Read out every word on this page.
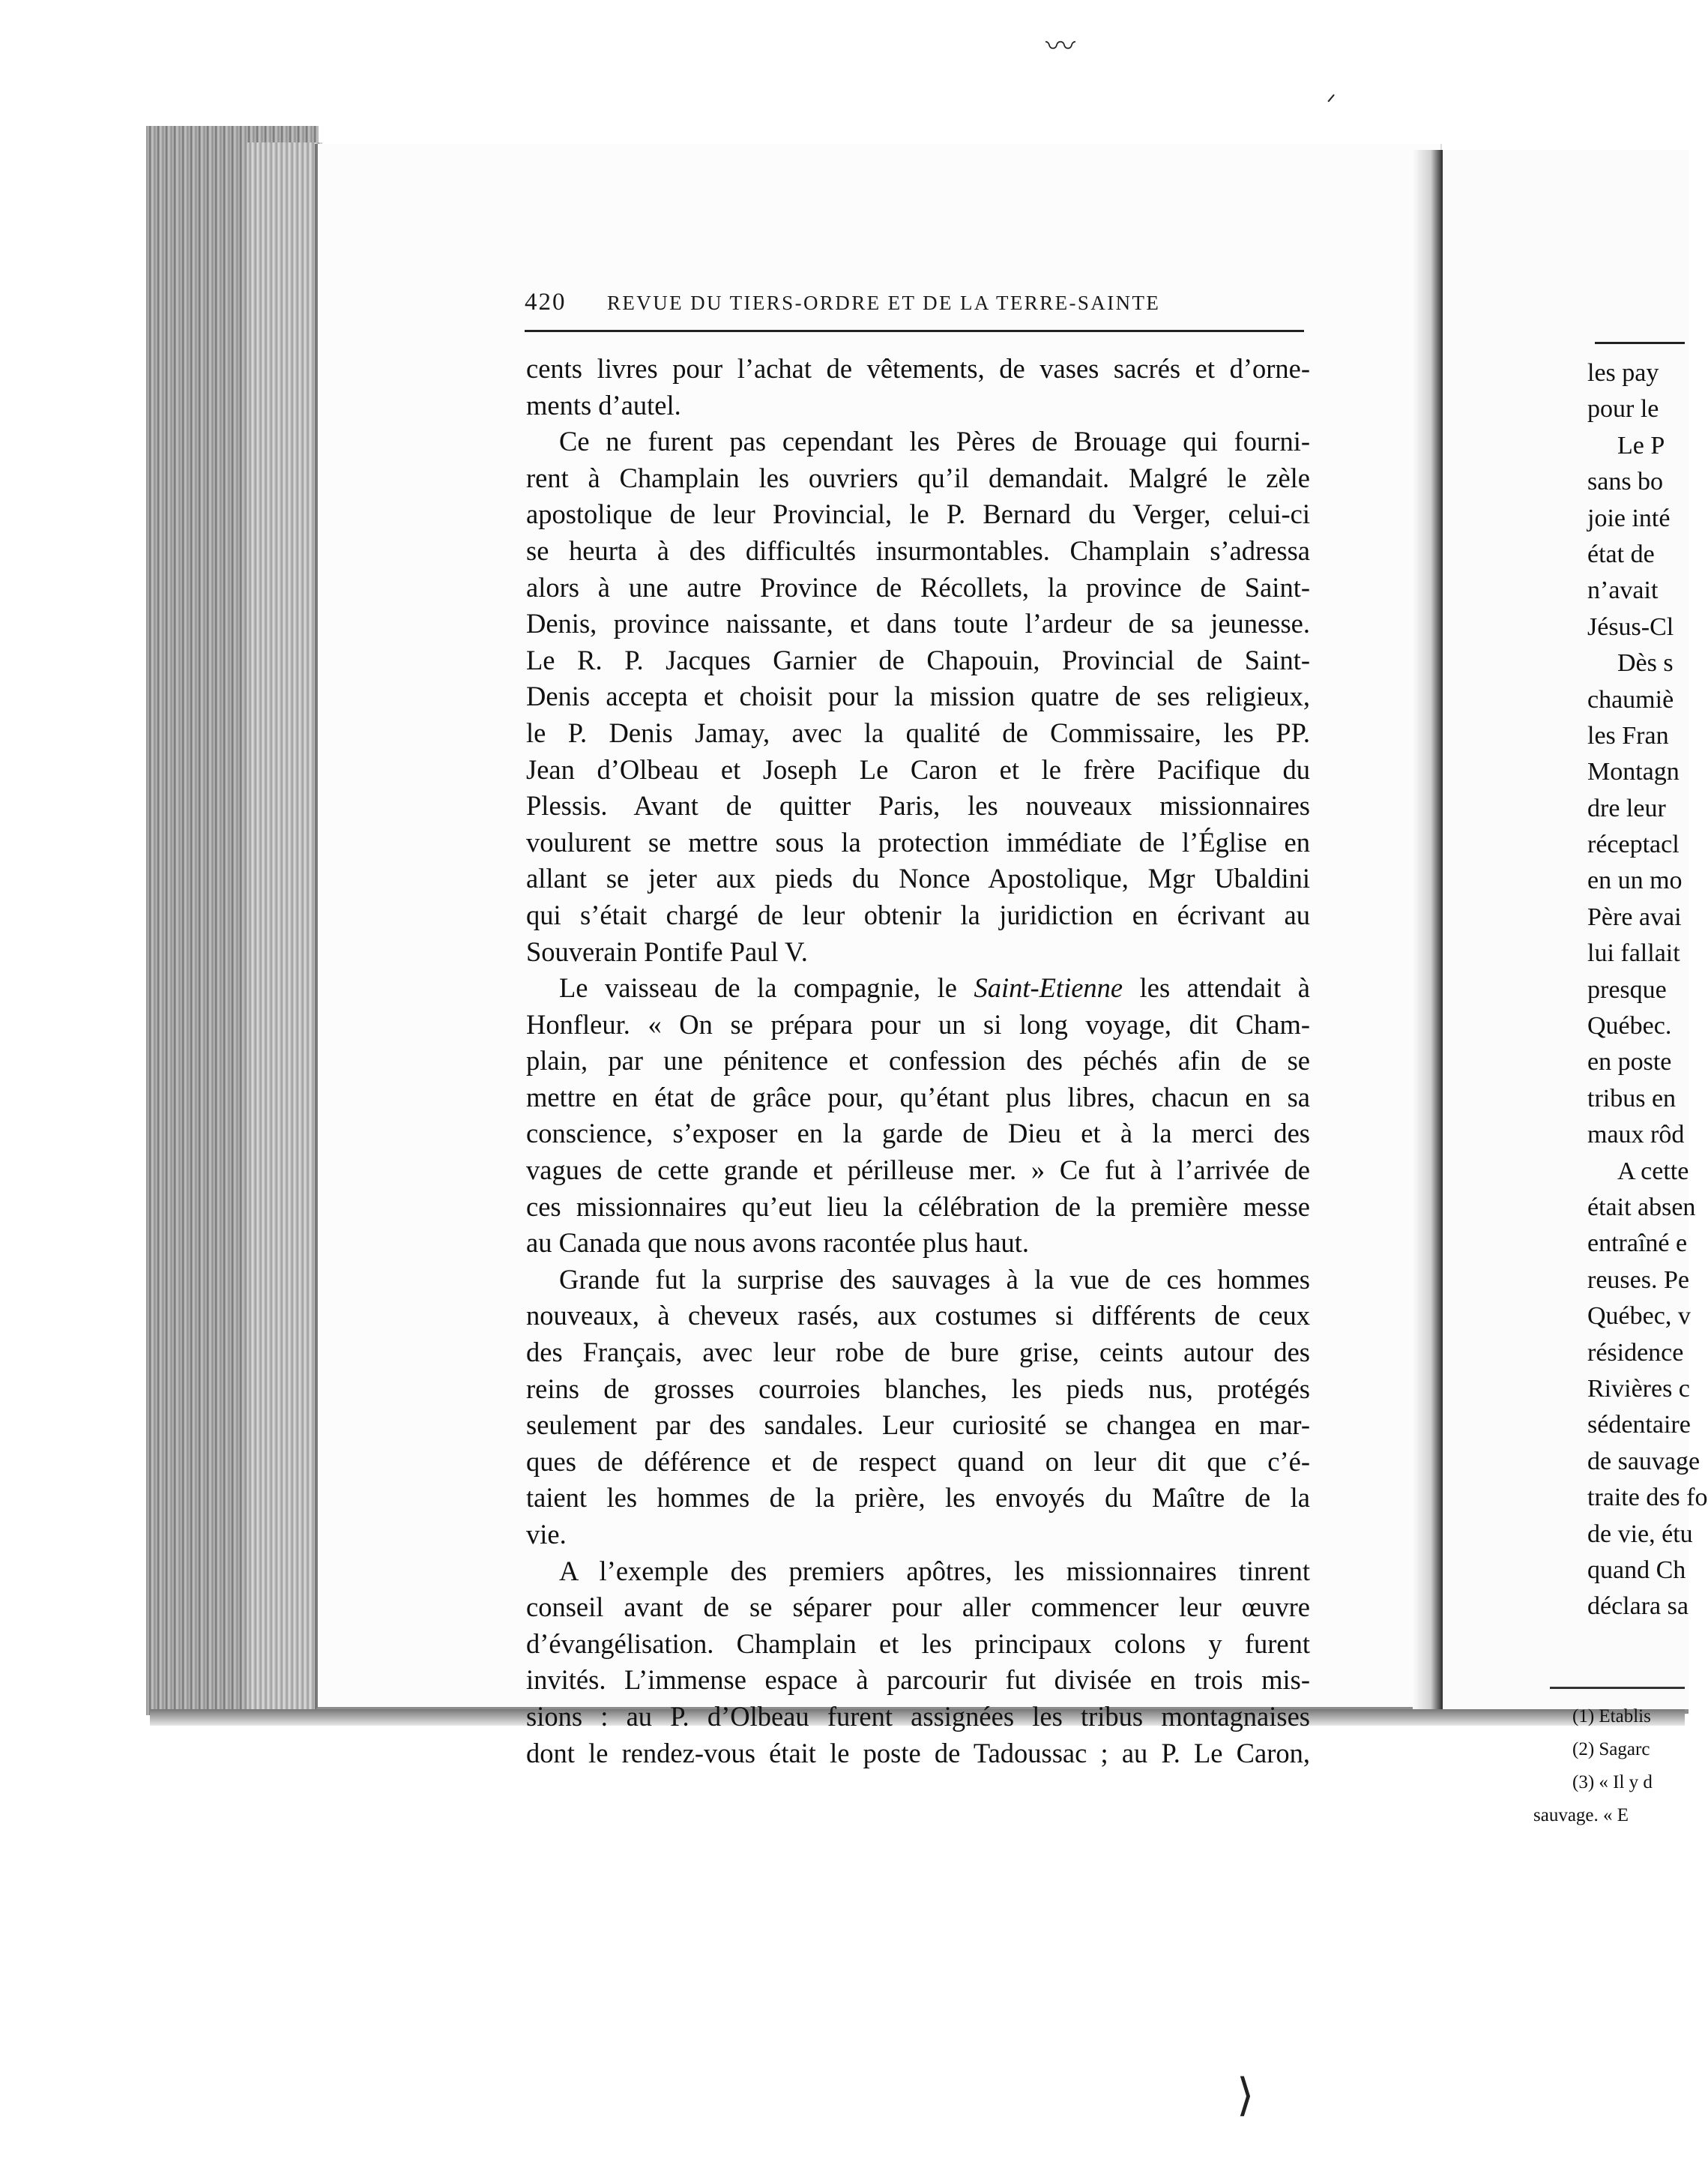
〰
ᐟ
⟩
420 REVUE DU TIERS-ORDRE ET DE LA TERRE-SAINTE
cents livres pour l’achat de vêtements, de vases sacrés et d’orne-
ments d’autel.
Ce ne furent pas cependant les Pères de Brouage qui fourni-
rent à Champlain les ouvriers qu’il demandait. Malgré le zèle
apostolique de leur Provincial, le P. Bernard du Verger, celui-ci
se heurta à des difficultés insurmontables. Champlain s’adressa
alors à une autre Province de Récollets, la province de Saint-
Denis, province naissante, et dans toute l’ardeur de sa jeunesse.
Le R. P. Jacques Garnier de Chapouin, Provincial de Saint-
Denis accepta et choisit pour la mission quatre de ses religieux,
le P. Denis Jamay, avec la qualité de Commissaire, les PP.
Jean d’Olbeau et Joseph Le Caron et le frère Pacifique du
Plessis. Avant de quitter Paris, les nouveaux missionnaires
voulurent se mettre sous la protection immédiate de l’Église en
allant se jeter aux pieds du Nonce Apostolique, Mgr Ubaldini
qui s’était chargé de leur obtenir la juridiction en écrivant au
Souverain Pontife Paul V.
Le vaisseau de la compagnie, le Saint-Etienne les attendait à
Honfleur. « On se prépara pour un si long voyage, dit Cham-
plain, par une pénitence et confession des péchés afin de se
mettre en état de grâce pour, qu’étant plus libres, chacun en sa
conscience, s’exposer en la garde de Dieu et à la merci des
vagues de cette grande et périlleuse mer. » Ce fut à l’arrivée de
ces missionnaires qu’eut lieu la célébration de la première messe
au Canada que nous avons racontée plus haut.
Grande fut la surprise des sauvages à la vue de ces hommes
nouveaux, à cheveux rasés, aux costumes si différents de ceux
des Français, avec leur robe de bure grise, ceints autour des
reins de grosses courroies blanches, les pieds nus, protégés
seulement par des sandales. Leur curiosité se changea en mar-
ques de déférence et de respect quand on leur dit que c’é-
taient les hommes de la prière, les envoyés du Maître de la
vie.
A l’exemple des premiers apôtres, les missionnaires tinrent
conseil avant de se séparer pour aller commencer leur œuvre
d’évangélisation. Champlain et les principaux colons y furent
invités. L’immense espace à parcourir fut divisée en trois mis-
sions : au P. d’Olbeau furent assignées les tribus montagnaises
dont le rendez-vous était le poste de Tadoussac ; au P. Le Caron,
les pay
pour le
Le P
sans bo
joie inté
état de
n’avait
Jésus-Cl
Dès s
chaumiè
les Fran
Montagn
dre leur
réceptacl
en un mo
Père avai
lui fallait
presque
Québec.
en poste
tribus en
maux rôd
A cette
était absen
entraîné e
reuses. Pe
Québec, v
résidence
Rivières c
sédentaire
de sauvage
traite des fo
de vie, étu
quand Ch
déclara sa
(1) Etablis
(2) Sagarc
(3) « Il y d
sauvage. « E
